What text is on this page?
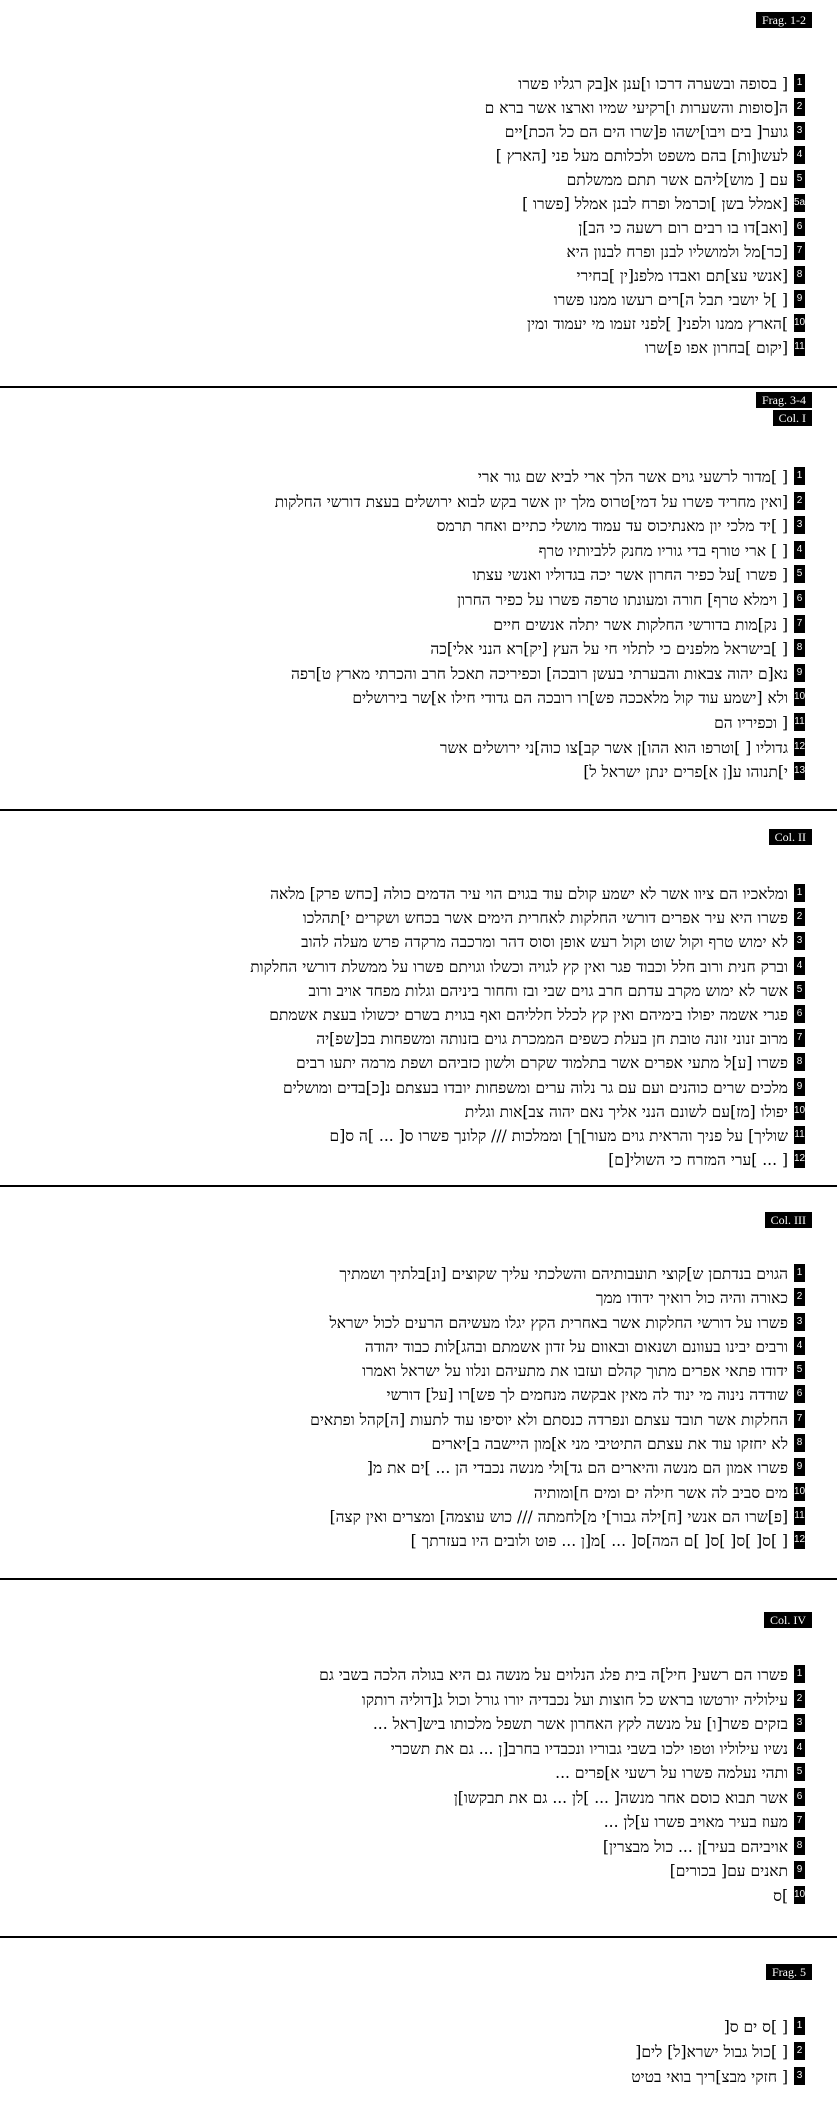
Frag. 1-2
1
[ בסופה ובשערה דרכו ו]ענן א[בק רגליו פשרו
2
ה[סופות והשערות ו]רקיעי שמיו וארצו אשר ברא ם
3
גוער[ בים ויבו]ישהו פ[שרו הים הם כל הכת]יים
4
לעשו[ות] בהם משפט ולכלותם מעל פני [הארץ ]
5
עם [ מוש]ליהם אשר תתם ממשלתם
5a
[אמלל בשן ]וכרמל ופרח לבנן אמלל [פשרו ]
6
[ואב]דו בו רבים רום רשעה כי הב]ן
7
[כר]מל ולמושליו לבנן ופרח לבנון היא
8
[אנשי עצ]תם ואבדו מלפנ[ין ]בחירי
9
[ ]ל יושבי תבל ה]רים רעשו ממנו פשרו
10
]הארץ ממנו ולפני[ ]לפני זעמו מי יעמוד ומין
11
[יקום ]בחרון אפו פ]שרו
Frag. 3-4
Col. I
1
[ ]מדור לרשעי גוים אשר הלך ארי לביא שם גור ארי
2
[ואין מחריד פשרו על דמי]טרוס מלך יון אשר בקש לבוא ירושלים בעצת דורשי החלקות
3
[ ]יד מלכי יון מאנתיכוס עד עמוד מושלי כתיים ואחר תרמס
4
[ ] ארי טורף בדי גוריו מחנק ללביותיו טרף
5
[ פשרו ]על כפיר החרון אשר יכה בגדוליו ואנשי עצתו
6
[ וימלא טרף] חורה ומעונתו טרפה פשרו על כפיר החרון
7
[ נק]מות בדורשי החלקות אשר יתלה אנשים חיים
8
[ ]בישראל מלפנים כי לתלוי חי על העץ [יק]רא הנני אלי]כה
9
נא[ם יהוה צבאות והבערתי בעשן רובכה] וכפיריכה תאכל חרב והכרתי מארץ ט]רפה
10
ולא [ישמע עוד קול מלאככה פש]רו רובכה הם גדודי חילו א]שר בירושלים
11
[ וכפיריו הם
12
גדוליו [ ]וטרפו הוא ההו]ן אשר קב]צו כוה]ני ירושלים אשר
13
י]תנוהו ע[ן א]פרים ינתן ישראל ל]
Col. II
1
ומלאכיו הם ציוו אשר לא ישמע קולם עוד בגוים הוי עיר הדמים כולה [כחש פרק] מלאה
2
פשרו היא עיר אפרים דורשי החלקות לאחרית הימים אשר בכחש ושקרים י]תהלכו
3
לא ימוש טרף וקול שוט וקול רעש אופן וסוס דהר ומרכבה מרקדה פרש מעלה להוב
4
וברק חנית ורוב חלל וכבוד פגר ואין קץ לגויה וכשלו וגויתם פשרו על ממשלת דורשי החלקות
5
אשר לא ימוש מקרב עדתם חרב גוים שבי ובז וחחור ביניהם וגלות מפחד אויב ורוב
6
פגרי אשמה יפולו בימיהם ואין קץ לכלל חלליהם ואף בגוית בשרם יכשולו בעצת אשמתם
7
מרוב זנוני זונה טובת חן בעלת כשפים הממכרת גוים בזנותה ומשפחות בכ[שפ]יה
8
פשרו [ע]ל מתעי אפרים אשר בתלמוד שקרם ולשון כזביהם ושפת מרמה יתעו רבים
9
מלכים שרים כוהנים ועם עם גר נלוה ערים ומשפחות יובדו בעצתם נ[כ]בדים ומושלים
10
יפולו [מז]עם לשונם הנני אליך נאם יהוה צב]אות וגלית
11
שוליך] על פניך והראית גוים מעור]ך] וממלכות /// קלונך פשרו ס[ ... ]ה ס[ם
12
[ ... ]ערי המזרח כי השולי[ם]
Col. III
1
הגוים בנדתםן ש]קוצי תועבותיהם והשלכתי עליך שקוצים [ונ]בלתיך ושמתיך
2
כאורה והיה כול רואיך ידודו ממך
3
פשרו על דורשי החלקות אשר באחרית הקץ יגלו מעשיהם הרעים לכול ישראל
4
ורבים יבינו בעוונם ושנאום ובאוום על זדון אשמתם ובהג]לות כבוד יהודה
5
ידודו פתאי אפרים מתוך קהלם ועזבו את מתעיהם ונלוו על ישראל ואמרו
6
שודדה נינוה מי ינוד לה מאין אבקשה מנחמים לך פש]רו [על] דורשי
7
החלקות אשר תובד עצתם ונפרדה כנסתם ולא יוסיפו עוד לתעות [ה]קהל ופתאים
8
לא יחזקו עוד את עצתם התיטיבי מני א]מון היישבה ב]יארים
9
פשרו אמון הם מנשה והיארים הם גד]ולי מנשה נכבדי הן ... ]ים את מ[
10
מים סביב לה אשר חילה ים ומים ח]ומותיה
11
[פ]שרו הם אנשי [ח]ילה גבור]י מ]לחמתה /// כוש עוצמה] ומצרים ואין קצה]
12
[ ]ס[ ]ס[ ]ס[ ]ם המה]ס[ ... ]מ[ן ... פוט ולובים היו בעזרתך ]
Col. IV
1
פשרו הם רשעי[ חיל]ה בית פלג הנלוים על מנשה גם היא בגולה הלכה בשבי גם
2
עילוליה יורטשו בראש כל חוצות ועל נכבדיה יורו גורל וכול ג[דוליה רותקו
3
בזקים פשר[ו] על מנשה לקץ האחרון אשר תשפל מלכותו ביש[ראל ...
4
נשיו עילוליו וטפו ילכו בשבי גבוריו ונכבדיו בחרב[ן ... גם את תשכרי
5
ותהי נעלמה פשרו על רשעי א]פרים ...
6
אשר תבוא כוסם אחר מנשה[ ... ]לן ... גם את תבקשו]ן
7
מעוז בעיר מאויב פשרו ע]לן ...
8
אויביהם בעיר]ן ... כול מבצרין]
9
תאנים עם[ בכורים]
10
]ס
Frag. 5
1
[ ]ס ים ס[
2
[ ]כול גבול ישרא[ל] לים[
3
[ חזקי מבצ]ריך בואי בטיט
